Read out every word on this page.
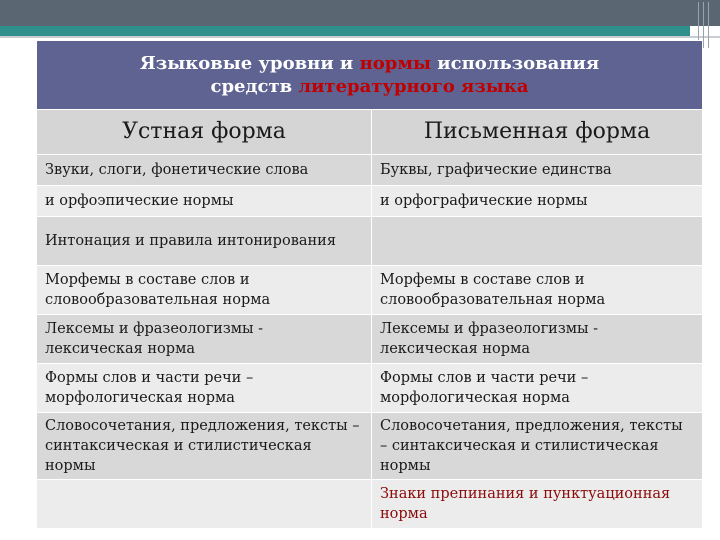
Языковые уровни и нормы использования
средств литературного языка	
Устная форма	Письменная форма
Звуки, слоги, фонетические слова	Буквы, графические единства
и орфоэпические нормы	и орфографические нормы
Интонация и правила интонирования	
Морфемы в составе слов и словообразовательная норма	Морфемы в составе слов и словообразовательная норма
Лексемы и фразеологизмы - лексическая норма	Лексемы и фразеологизмы - лексическая норма
Формы слов и части речи – морфологическая норма	Формы слов и части речи – морфологическая норма
Словосочетания, предложения, тексты – синтаксическая и стилистическая нормы	Словосочетания, предложения, тексты – синтаксическая и стилистическая нормы
	Знаки препинания и пунктуационная норма
